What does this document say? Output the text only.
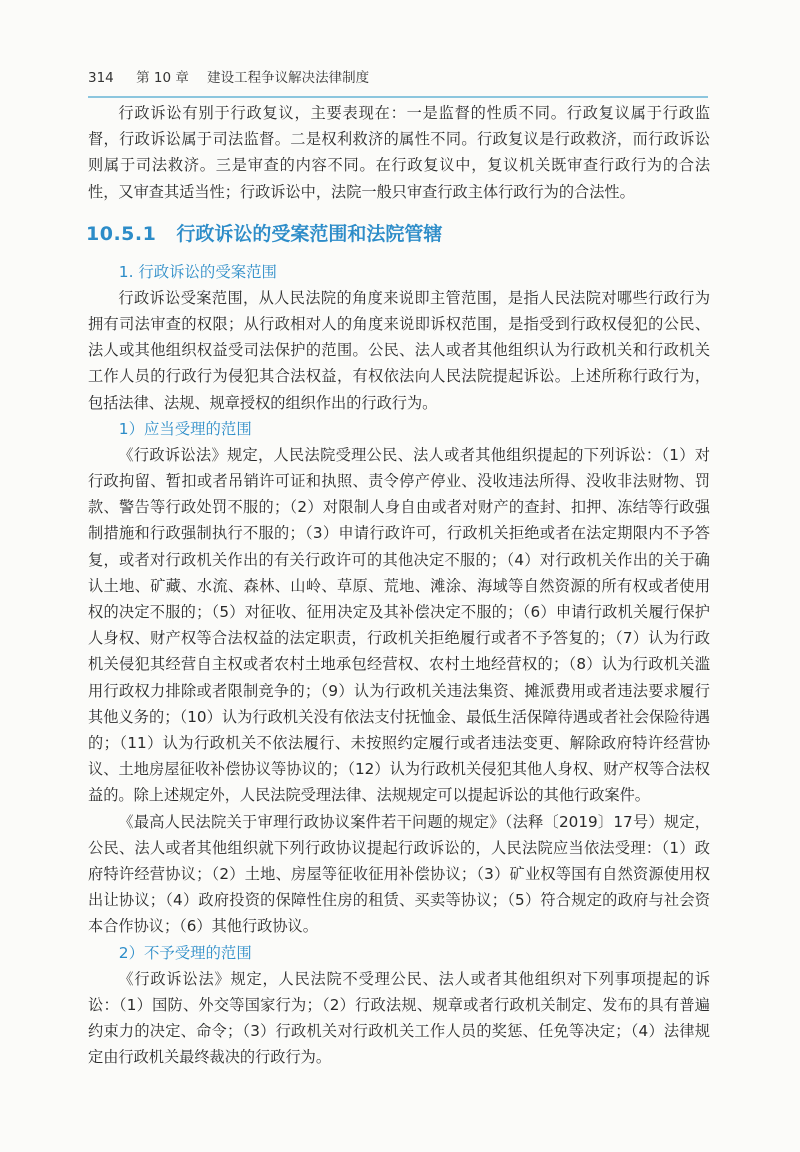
314 第 10 章 建设工程争议解决法律制度

行政诉讼有别于行政复议，主要表现在：一是监督的性质不同。行政复议属于行政监督，行政诉讼属于司法监督。二是权利救济的属性不同。行政复议是行政救济，而行政诉讼则属于司法救济。三是审查的内容不同。在行政复议中，复议机关既审查行政行为的合法性，又审查其适当性；行政诉讼中，法院一般只审查行政主体行政行为的合法性。

10.5.1 行政诉讼的受案范围和法院管辖
1. 行政诉讼的受案范围

行政诉讼受案范围，从人民法院的角度来说即主管范围，是指人民法院对哪些行政行为拥有司法审查的权限；从行政相对人的角度来说即诉权范围，是指受到行政权侵犯的公民、法人或其他组织权益受司法保护的范围。公民、法人或者其他组织认为行政机关和行政机关工作人员的行政行为侵犯其合法权益，有权依法向人民法院提起诉讼。上述所称行政行为，包括法律、法规、规章授权的组织作出的行政行为。

1）应当受理的范围

《行政诉讼法》规定，人民法院受理公民、法人或者其他组织提起的下列诉讼：（1）对行政拘留、暂扣或者吊销许可证和执照、责令停产停业、没收违法所得、没收非法财物、罚款、警告等行政处罚不服的；（2）对限制人身自由或者对财产的查封、扣押、冻结等行政强制措施和行政强制执行不服的；（3）申请行政许可，行政机关拒绝或者在法定期限内不予答复，或者对行政机关作出的有关行政许可的其他决定不服的；（4）对行政机关作出的关于确认土地、矿藏、水流、森林、山岭、草原、荒地、滩涂、海域等自然资源的所有权或者使用权的决定不服的；（5）对征收、征用决定及其补偿决定不服的；（6）申请行政机关履行保护人身权、财产权等合法权益的法定职责，行政机关拒绝履行或者不予答复的；（7）认为行政机关侵犯其经营自主权或者农村土地承包经营权、农村土地经营权的；（8）认为行政机关滥用行政权力排除或者限制竞争的；（9）认为行政机关违法集资、摊派费用或者违法要求履行其他义务的；（10）认为行政机关没有依法支付抚恤金、最低生活保障待遇或者社会保险待遇的；（11）认为行政机关不依法履行、未按照约定履行或者违法变更、解除政府特许经营协议、土地房屋征收补偿协议等协议的；（12）认为行政机关侵犯其他人身权、财产权等合法权益的。除上述规定外，人民法院受理法律、法规规定可以提起诉讼的其他行政案件。

《最高人民法院关于审理行政协议案件若干问题的规定》（法释〔2019〕17号）规定，公民、法人或者其他组织就下列行政协议提起行政诉讼的，人民法院应当依法受理：（1）政府特许经营协议；（2）土地、房屋等征收征用补偿协议；（3）矿业权等国有自然资源使用权出让协议；（4）政府投资的保障性住房的租赁、买卖等协议；（5）符合规定的政府与社会资本合作协议；（6）其他行政协议。

2）不予受理的范围

《行政诉讼法》规定，人民法院不受理公民、法人或者其他组织对下列事项提起的诉讼：（1）国防、外交等国家行为；（2）行政法规、规章或者行政机关制定、发布的具有普遍约束力的决定、命令；（3）行政机关对行政机关工作人员的奖惩、任免等决定；（4）法律规定由行政机关最终裁决的行政行为。
